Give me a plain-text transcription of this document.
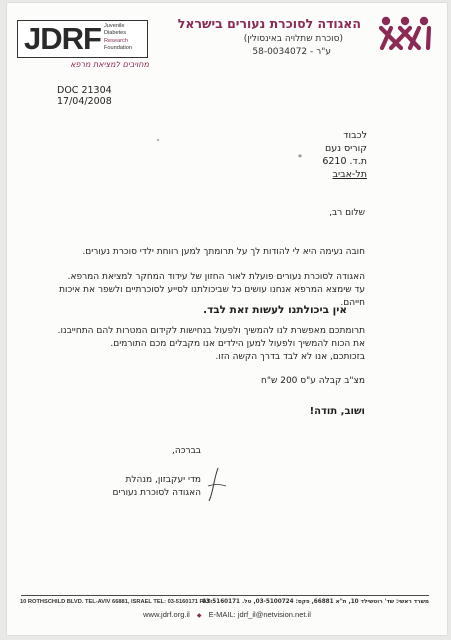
JDRF Juvenile
Diabetes
Research
Foundation
מחויבים למציאת מרפא
האגודה לסוכרת נעורים בישראל
(סוכרת שתלויה באינסולין)
ע"ר - 58-0034072
DOC 21304
17/04/2008
לכבוד
קוריס נעם
ת.ד. 6210
תל-אביב
*
שלום רב,
חובה נעימה היא לי להודות לך על תרומתך למען רווחת ילדי סוכרת נעורים.
האגודה לסוכרת נעורים פועלת לאור החזון של עידוד המחקר למציאת המרפא.
עד שימצא המרפא אנחנו עושים כל שביכולתנו לסייע לסוכרתיים ולשפר את איכות חייהם.
אין ביכולתנו לעשות זאת לבד.
תרומתכם מאפשרת לנו להמשיך ולפעול בנחישות לקידום המטרות להם התחייבנו.
את הכוח להמשיך ולפעול למען הילדים אנו מקבלים מכם התורמים.
בזכותכם, אנו לא לבד בדרך הקשה הזו.
מצ"ב קבלה ע"ס 200 ש"ח
ושוב, תודה!
בברכה,
מדי יעקבזון, מנהלת
האגודה לסוכרת נעורים
10 ROTHSCHILD BLVD. TEL-AVIV 66881, ISRAEL TEL: 03-5160171 FAX:
משרד ראשי: שד' רוטשילד 10, ת"א 66881, פקס: 03-5100724, טל. 03-5160171
www.jdrf.org.il ◆ E-MAIL: jdrf_il@netvision.net.il
